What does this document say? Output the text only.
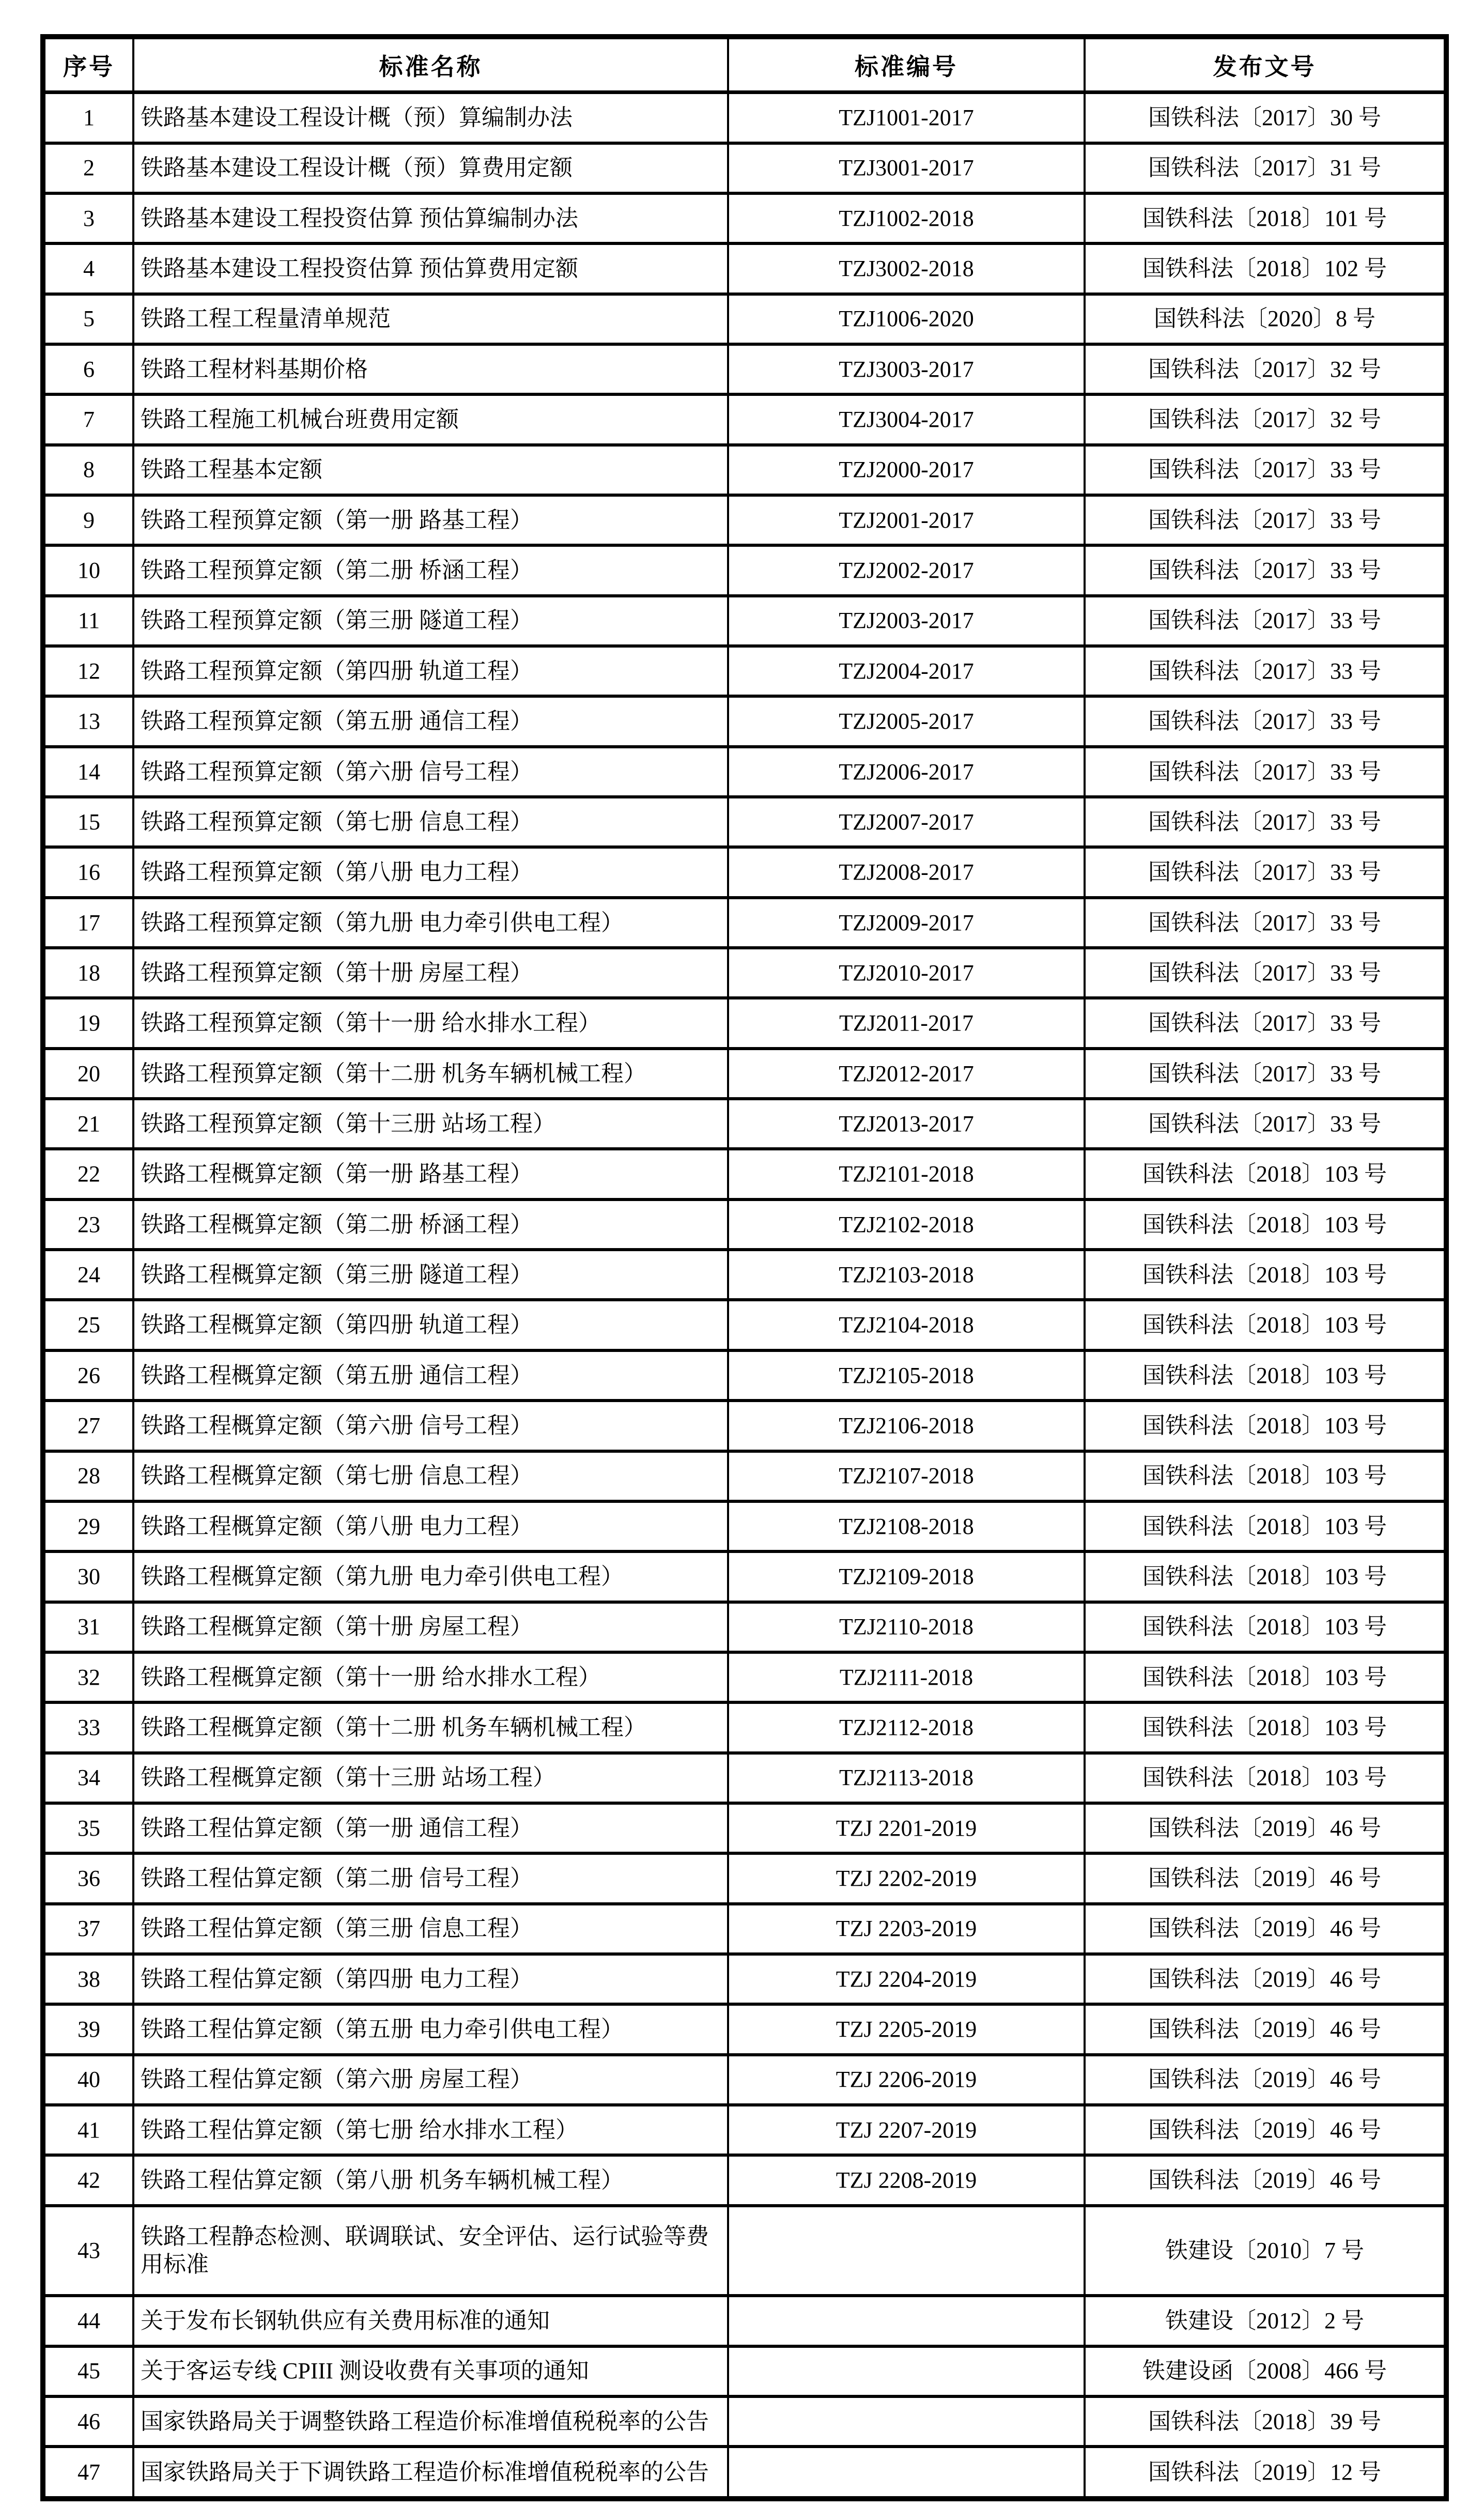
序号	标准名称	标准编号	发布文号
1	铁路基本建设工程设计概（预）算编制办法	TZJ1001-2017	国铁科法〔2017〕30 号
2	铁路基本建设工程设计概（预）算费用定额	TZJ3001-2017	国铁科法〔2017〕31 号
3	铁路基本建设工程投资估算 预估算编制办法	TZJ1002-2018	国铁科法〔2018〕101 号
4	铁路基本建设工程投资估算 预估算费用定额	TZJ3002-2018	国铁科法〔2018〕102 号
5	铁路工程工程量清单规范	TZJ1006-2020	国铁科法〔2020〕8 号
6	铁路工程材料基期价格	TZJ3003-2017	国铁科法〔2017〕32 号
7	铁路工程施工机械台班费用定额	TZJ3004-2017	国铁科法〔2017〕32 号
8	铁路工程基本定额	TZJ2000-2017	国铁科法〔2017〕33 号
9	铁路工程预算定额（第一册 路基工程）	TZJ2001-2017	国铁科法〔2017〕33 号
10	铁路工程预算定额（第二册 桥涵工程）	TZJ2002-2017	国铁科法〔2017〕33 号
11	铁路工程预算定额（第三册 隧道工程）	TZJ2003-2017	国铁科法〔2017〕33 号
12	铁路工程预算定额（第四册 轨道工程）	TZJ2004-2017	国铁科法〔2017〕33 号
13	铁路工程预算定额（第五册 通信工程）	TZJ2005-2017	国铁科法〔2017〕33 号
14	铁路工程预算定额（第六册 信号工程）	TZJ2006-2017	国铁科法〔2017〕33 号
15	铁路工程预算定额（第七册 信息工程）	TZJ2007-2017	国铁科法〔2017〕33 号
16	铁路工程预算定额（第八册 电力工程）	TZJ2008-2017	国铁科法〔2017〕33 号
17	铁路工程预算定额（第九册 电力牵引供电工程）	TZJ2009-2017	国铁科法〔2017〕33 号
18	铁路工程预算定额（第十册 房屋工程）	TZJ2010-2017	国铁科法〔2017〕33 号
19	铁路工程预算定额（第十一册 给水排水工程）	TZJ2011-2017	国铁科法〔2017〕33 号
20	铁路工程预算定额（第十二册 机务车辆机械工程）	TZJ2012-2017	国铁科法〔2017〕33 号
21	铁路工程预算定额（第十三册 站场工程）	TZJ2013-2017	国铁科法〔2017〕33 号
22	铁路工程概算定额（第一册 路基工程）	TZJ2101-2018	国铁科法〔2018〕103 号
23	铁路工程概算定额（第二册 桥涵工程）	TZJ2102-2018	国铁科法〔2018〕103 号
24	铁路工程概算定额（第三册 隧道工程）	TZJ2103-2018	国铁科法〔2018〕103 号
25	铁路工程概算定额（第四册 轨道工程）	TZJ2104-2018	国铁科法〔2018〕103 号
26	铁路工程概算定额（第五册 通信工程）	TZJ2105-2018	国铁科法〔2018〕103 号
27	铁路工程概算定额（第六册 信号工程）	TZJ2106-2018	国铁科法〔2018〕103 号
28	铁路工程概算定额（第七册 信息工程）	TZJ2107-2018	国铁科法〔2018〕103 号
29	铁路工程概算定额（第八册 电力工程）	TZJ2108-2018	国铁科法〔2018〕103 号
30	铁路工程概算定额（第九册 电力牵引供电工程）	TZJ2109-2018	国铁科法〔2018〕103 号
31	铁路工程概算定额（第十册 房屋工程）	TZJ2110-2018	国铁科法〔2018〕103 号
32	铁路工程概算定额（第十一册 给水排水工程）	TZJ2111-2018	国铁科法〔2018〕103 号
33	铁路工程概算定额（第十二册 机务车辆机械工程）	TZJ2112-2018	国铁科法〔2018〕103 号
34	铁路工程概算定额（第十三册 站场工程）	TZJ2113-2018	国铁科法〔2018〕103 号
35	铁路工程估算定额（第一册 通信工程）	TZJ 2201-2019	国铁科法〔2019〕46 号
36	铁路工程估算定额（第二册 信号工程）	TZJ 2202-2019	国铁科法〔2019〕46 号
37	铁路工程估算定额（第三册 信息工程）	TZJ 2203-2019	国铁科法〔2019〕46 号
38	铁路工程估算定额（第四册 电力工程）	TZJ 2204-2019	国铁科法〔2019〕46 号
39	铁路工程估算定额（第五册 电力牵引供电工程）	TZJ 2205-2019	国铁科法〔2019〕46 号
40	铁路工程估算定额（第六册 房屋工程）	TZJ 2206-2019	国铁科法〔2019〕46 号
41	铁路工程估算定额（第七册 给水排水工程）	TZJ 2207-2019	国铁科法〔2019〕46 号
42	铁路工程估算定额（第八册 机务车辆机械工程）	TZJ 2208-2019	国铁科法〔2019〕46 号
43	铁路工程静态检测、联调联试、安全评估、运行试验等费用标准		铁建设〔2010〕7 号
44	关于发布长钢轨供应有关费用标准的通知		铁建设〔2012〕2 号
45	关于客运专线 CPIII 测设收费有关事项的通知		铁建设函〔2008〕466 号
46	国家铁路局关于调整铁路工程造价标准增值税税率的公告		国铁科法〔2018〕39 号
47	国家铁路局关于下调铁路工程造价标准增值税税率的公告		国铁科法〔2019〕12 号
